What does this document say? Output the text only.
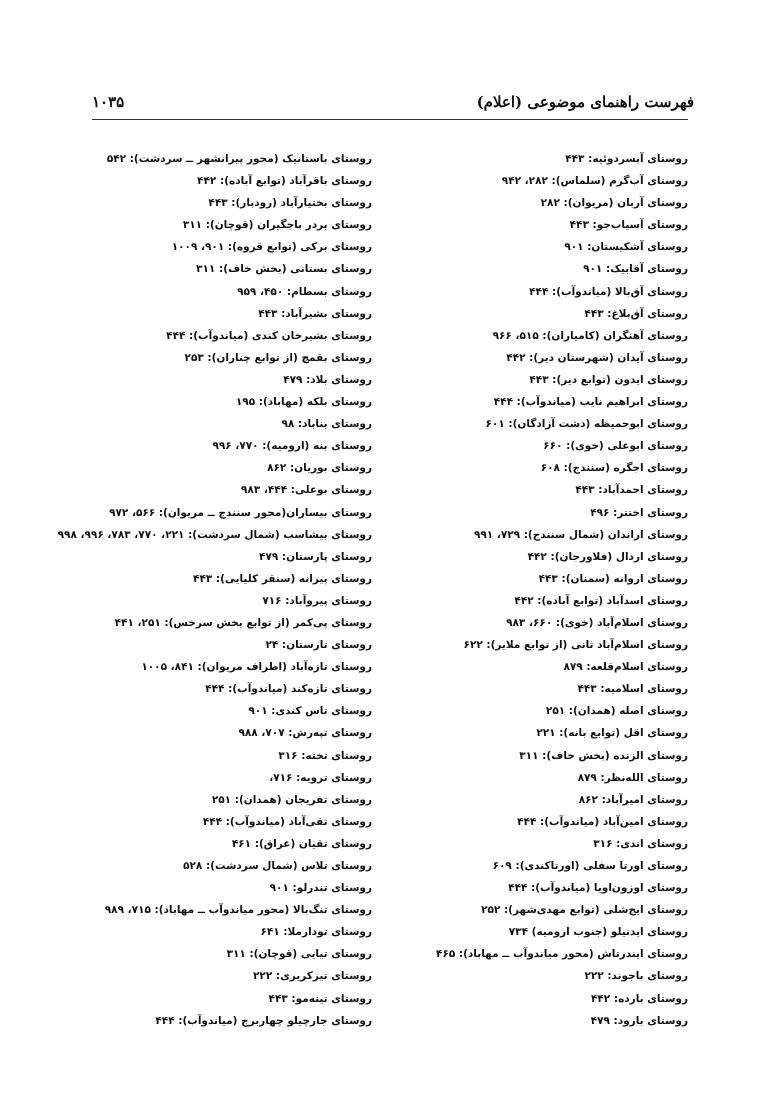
فهرست راهنمای موضوعی (اعلام)
۱۰۳۵
روستای آبسردوئیه: ۴۴۳
روستای آب‌گرم (سلماس): ۲۸۲، ۹۴۲
روستای آربان (مریوان): ۲۸۲
روستای آسیاب‌جو: ۴۴۳
روستای آشکیستان: ۹۰۱
روستای آقابیک: ۹۰۱
روستای آق‌بالا (میاندوآب): ۴۴۴
روستای آق‌بلاغ: ۴۴۳
روستای آهنگران (کامیاران): ۵۱۵، ۹۶۶
روستای آیدان (شهرستان دیر): ۴۴۲
روستای ایدون (توابع دیر): ۴۴۳
روستای ابراهیم نایب (میاندوآب): ۴۴۴
روستای ابوحمیظه (دشت آزادگان): ۶۰۱
روستای ابوعلی (خوی): ۶۶۰
روستای اجگره (سنندج): ۶۰۸
روستای احمدآباد: ۴۴۳
روستای اختتر: ۴۹۶
روستای اراندان (شمال سنندج): ۷۲۹، ۹۹۱
روستای اردال (فلاورجان): ۴۴۲
روستای اروانه (سمنان): ۴۴۳
روستای اسدآباد (توابع آباده): ۴۴۲
روستای اسلام‌آباد (خوی): ۶۶۰، ۹۸۳
روستای اسلام‌آباد ثانی (از توابع ملایر): ۶۲۲
روستای اسلام‌قلعه: ۸۷۹
روستای اسلامیه: ۴۴۳
روستای اصله (همدان): ۲۵۱
روستای اقل (توابع بانه): ۲۲۱
روستای الزنده (بخش خاف): ۳۱۱
روستای الله‌نظر: ۸۷۹
روستای امیرآباد: ۸۶۲
روستای امین‌آباد (میاندوآب): ۴۴۴
روستای اندی: ۳۱۶
روستای اورتا سفلی (اورتاکندی): ۶۰۹
روستای اوزون‌اویا (میاندوآب): ۴۴۴
روستای ایج‌شلی (توابع مهدی‌شهر): ۲۵۲
روستای ایدنیلو (جنوب ارومیه) ۷۳۴
روستای ایندرتاش (محور میاندوآب ــ مهاباد): ۴۶۵
روستای باجوند: ۲۲۲
روستای بارده: ۴۴۲
روستای بارود: ۴۷۹
روستای باستانیک (محور پیرانشهر ــ سردشت): ۵۴۲
روستای باقرآباد (توابع آباده): ۴۴۲
روستای بختیارآباد (رودبار): ۴۴۳
روستای بردر باجگیران (قوچان): ۳۱۱
روستای برکی (توابع قروه): ۹۰۱، ۱۰۰۹
روستای بستانی (بخش خاف): ۳۱۱
روستای بسطام: ۴۵۰، ۹۵۹
روستای بشیرآباد: ۴۴۳
روستای بشیرخان کندی (میاندوآب): ۴۴۴
روستای بقمچ (از توابع چناران): ۲۵۳
روستای بلاد: ۴۷۹
روستای بلکه (مهاباد): ۱۹۵
روستای بناباد: ۹۸
روستای بنه (ارومیه): ۷۷۰، ۹۹۶
روستای بوریان: ۸۶۲
روستای بوعلی: ۴۴۴، ۹۸۳
روستای بیساران(محور سنندج ــ مریوان): ۵۶۶، ۹۷۲
روستای بیشاسب (شمال سردشت): ۲۲۱، ۷۷۰، ۷۸۳، ۹۹۶، ۹۹۸
روستای پارستان: ۴۷۹
روستای پیرانه (سنقر کلیایی): ۴۴۳
روستای پیروآباد: ۷۱۶
روستای پی‌کمر (از توابع بخش سرخس): ۲۵۱، ۴۴۱
روستای تارستان: ۲۴
روستای تازه‌آباد (اطراف مریوان): ۸۴۱، ۱۰۰۵
روستای تازه‌کند (میاندوآب): ۴۴۴
روستای تاس کندی: ۹۰۱
روستای تپه‌رش: ۷۰۷، ۹۸۸
روستای تخته: ۳۱۶
روستای ترویه: ۷۱۶،
روستای تفریجان (همدان): ۲۵۱
روستای تقی‌آباد (میاندوآب): ۴۴۴
روستای تقیان (عراق): ۴۶۱
روستای تلاس (شمال سردشت): ۵۲۸
روستای تندرلو: ۹۰۱
روستای تنگ‌بالا (محور میاندوآب ــ مهاباد): ۷۱۵، ۹۸۹
روستای تودارملا: ۶۴۱
روستای تیایی (قوچان): ۳۱۱
روستای تیزکریری: ۲۲۲
روستای تینه‌مو: ۴۴۳
روستای جارچیلو چهاربرج (میاندوآب): ۴۴۴
